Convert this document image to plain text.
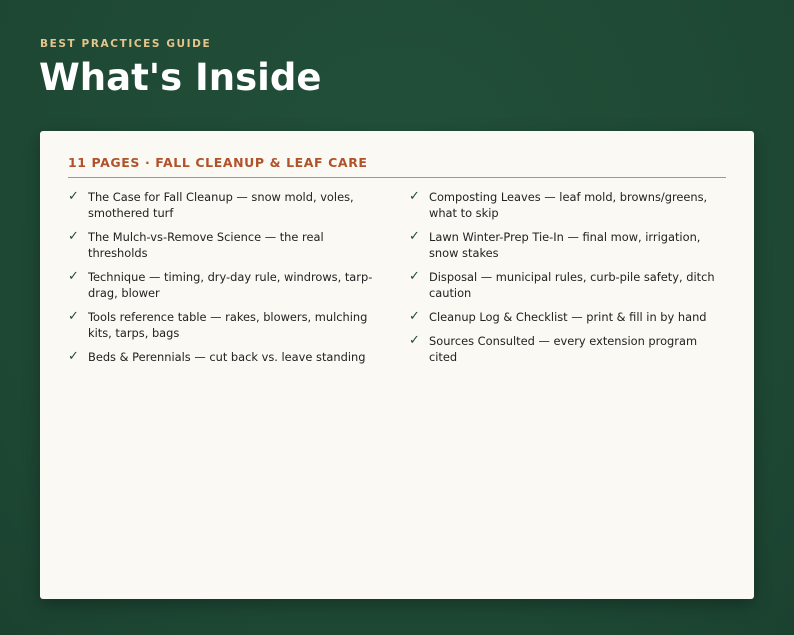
BEST PRACTICES GUIDE
What's Inside
11 PAGES · FALL CLEANUP & LEAF CARE
✓ The Case for Fall Cleanup — snow mold, voles, smothered turf
✓ The Mulch-vs-Remove Science — the real thresholds
✓ Technique — timing, dry-day rule, windrows, tarp-drag, blower
✓ Tools reference table — rakes, blowers, mulching kits, tarps, bags
✓ Beds & Perennials — cut back vs. leave standing
✓ Composting Leaves — leaf mold, browns/greens, what to skip
✓ Lawn Winter-Prep Tie-In — final mow, irrigation, snow stakes
✓ Disposal — municipal rules, curb-pile safety, ditch caution
✓ Cleanup Log & Checklist — print & fill in by hand
✓ Sources Consulted — every extension program cited
